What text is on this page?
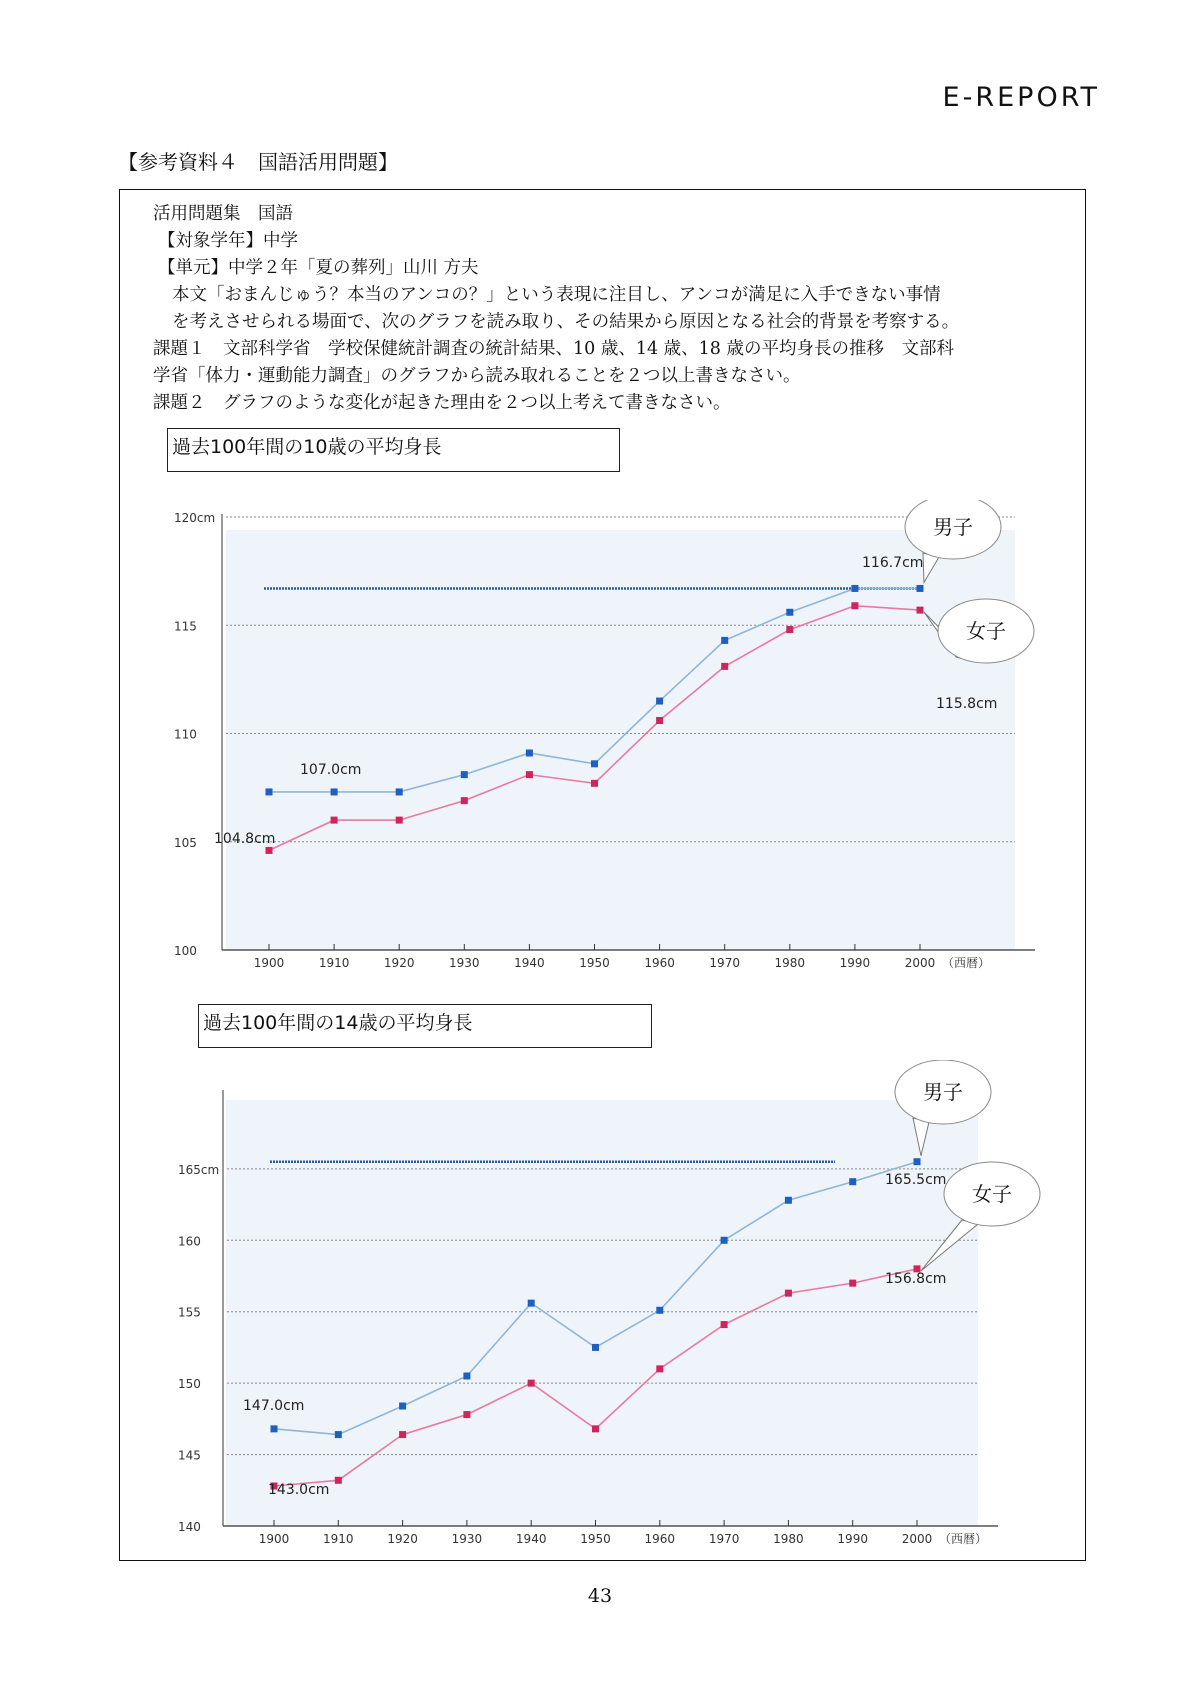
E-REPORT
【参考資料４　国語活用問題】
活用問題集　国語
【対象学年】中学
【単元】中学２年「夏の葬列」山川 方夫
本文「おまんじゅう？本当のアンコの？」という表現に注目し、アンコが満足に入手できない事情
を考えさせられる場面で、次のグラフを読み取り、その結果から原因となる社会的背景を考察する。
課題１　文部科学省　学校保健統計調査の統計結果、10 歳、14 歳、18 歳の平均身長の推移　文部科
学省「体力・運動能力調査」のグラフから読み取れることを２つ以上書きなさい。
課題２　グラフのような変化が起きた理由を２つ以上考えて書きなさい。
過去100年間の10歳の平均身長
120cm
115
110
105
100
1900	1910	1920	1930	1940	1950	1960	1970	1980	1990	2000 （西暦）
男子
女子
116.7cm
115.8cm
107.0cm
104.8cm
過去100年間の14歳の平均身長
165cm
160
155
150
145
140
1900	1910	1920	1930	1940	1950	1960	1970	1980	1990	2000 （西暦）
男子
女子
165.5cm
156.8cm
147.0cm
143.0cm
43
